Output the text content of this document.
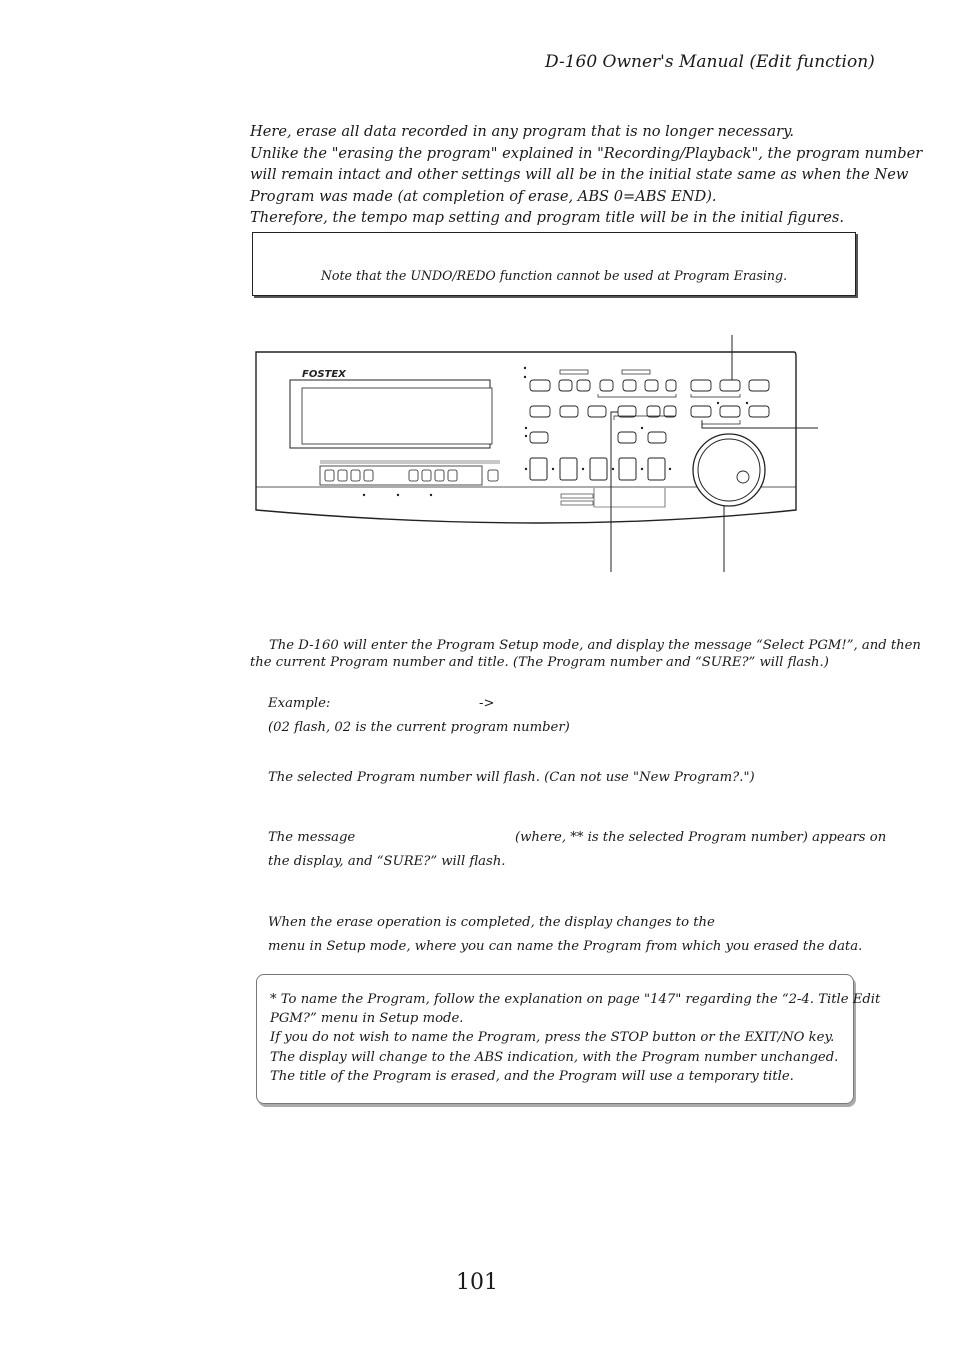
D-160 Owner's Manual (Edit function)
Here, erase all data recorded in any program that is no longer necessary.
Unlike the "erasing the program" explained in "Recording/Playback", the program number
will remain intact and other settings will all be in the initial state same as when the New
Program was made (at completion of erase, ABS 0=ABS END).
Therefore, the tempo map setting and program title will be in the initial figures.
Note that the UNDO/REDO function cannot be used at Program Erasing.
FOSTEX
The D-160 will enter the Program Setup mode, and display the message “Select PGM!”, and then
the current Program number and title. (The Program number and “SURE?” will flash.)
Example:	->
(02 flash, 02 is the current program number)
The selected Program number will flash. (Can not use "New Program?.")
The message	(where, ** is the selected Program number) appears on
the display, and “SURE?” will flash.
When the erase operation is completed, the display changes to the
menu in Setup mode, where you can name the Program from which you erased the data.
* To name the Program, follow the explanation on page "147" regarding the “2-4. Title Edit
PGM?” menu in Setup mode.
If you do not wish to name the Program, press the STOP button or the EXIT/NO key.
The display will change to the ABS indication, with the Program number unchanged.
The title of the Program is erased, and the Program will use a temporary title.
101
